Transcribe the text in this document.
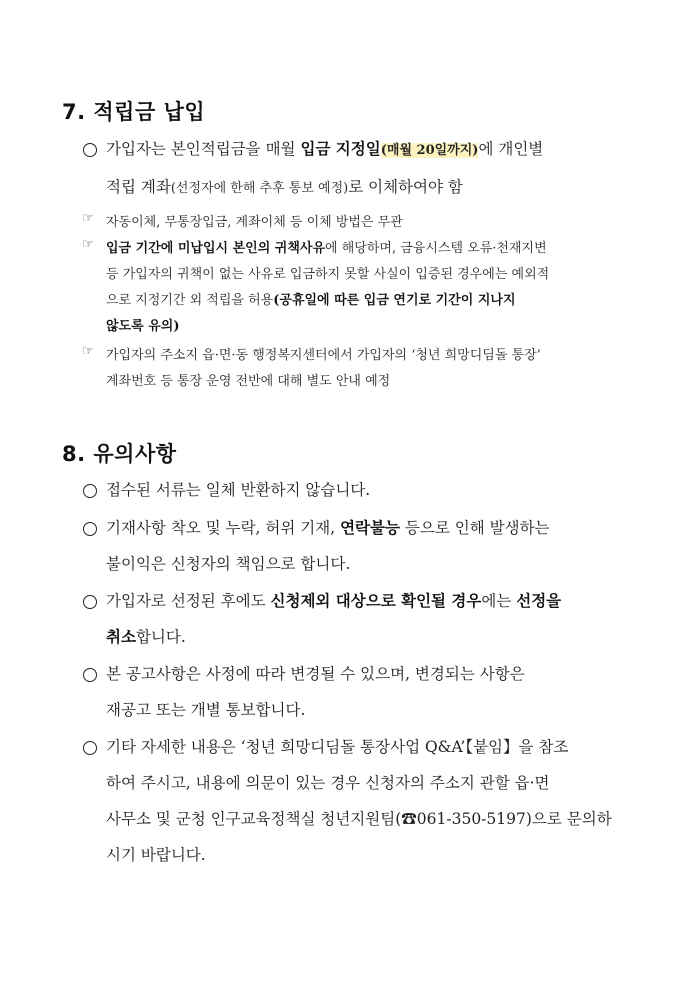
7. 적립금 납입
가입자는 본인적립금을 매월 입금 지정일(매월 20일까지)에 개인별
적립 계좌(선정자에 한해 추후 통보 예정)로 이체하여야 함
☞ 자동이체, 무통장입금, 계좌이체 등 이체 방법은 무관
☞ 입금 기간에 미납입시 본인의 귀책사유에 해당하며, 금융시스템 오류·천재지변
등 가입자의 귀책이 없는 사유로 입금하지 못할 사실이 입증된 경우에는 예외적
으로 지정기간 외 적립을 허용(공휴일에 따른 입금 연기로 기간이 지나지
않도록 유의)
☞ 가입자의 주소지 읍·면·동 행정복지센터에서 가입자의 ‘청년 희망디딤돌 통장’
계좌번호 등 통장 운영 전반에 대해 별도 안내 예정
8. 유의사항
접수된 서류는 일체 반환하지 않습니다.
기재사항 착오 및 누락, 허위 기재, 연락불능 등으로 인해 발생하는
불이익은 신청자의 책임으로 합니다.
가입자로 선정된 후에도 신청제외 대상으로 확인될 경우에는 선정을
취소합니다.
본 공고사항은 사정에 따라 변경될 수 있으며, 변경되는 사항은
재공고 또는 개별 통보합니다.
기타 자세한 내용은 ‘청년 희망디딤돌 통장사업 Q&A’【붙임】을 참조
하여 주시고, 내용에 의문이 있는 경우 신청자의 주소지 관할 읍·면
사무소 및 군청 인구교육정책실 청년지원팀(☎061-350-5197)으로 문의하
시기 바랍니다.
